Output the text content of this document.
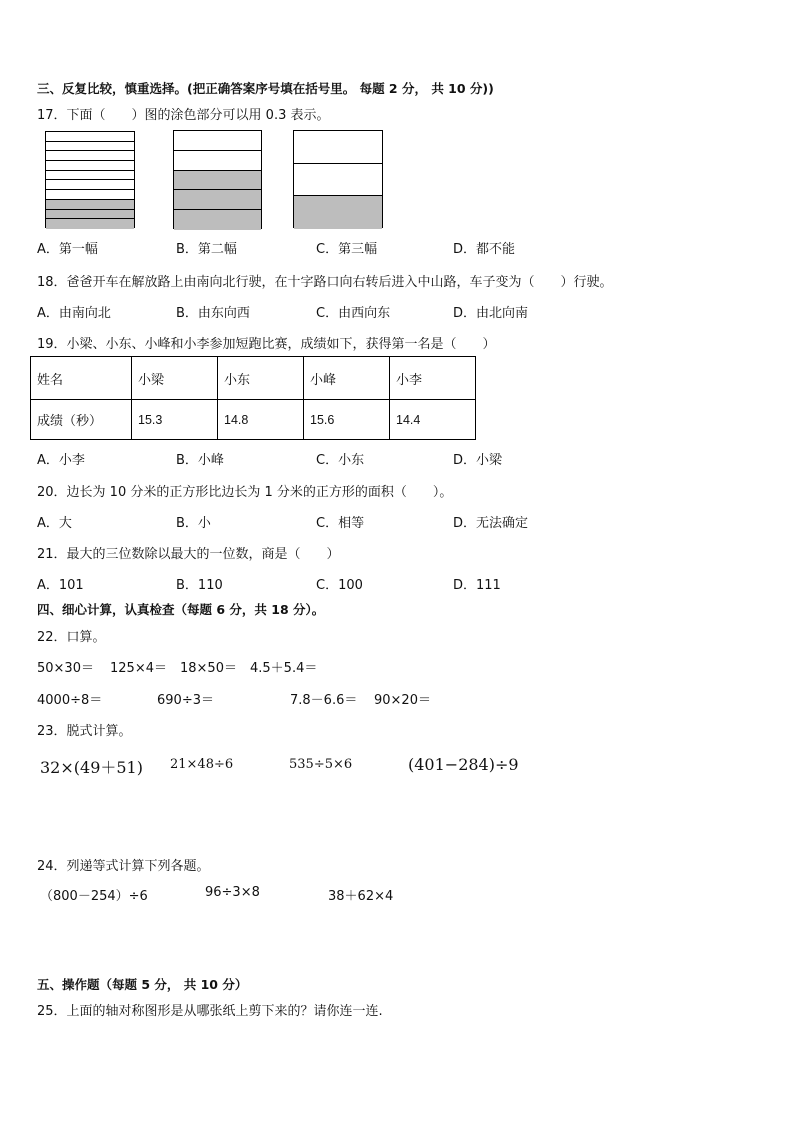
三、反复比较，慎重选择。(把正确答案序号填在括号里。 每题 2 分， 共 10 分))
17．下面（　　）图的涂色部分可以用 0.3 表示。
A．第一幅	B．第二幅	C．第三幅	D．都不能
18．爸爸开车在解放路上由南向北行驶，在十字路口向右转后进入中山路，车子变为（　　）行驶。
A．由南向北	B．由东向西	C．由西向东	D．由北向南
19．小梁、小东、小峰和小李参加短跑比赛，成绩如下，获得第一名是（　　）
姓名	小梁	小东	小峰	小李
成绩（秒）	15.3	14.8	15.6	14.4
A．小李	B．小峰	C．小东	D．小梁
20．边长为 10 分米的正方形比边长为 1 分米的正方形的面积（　　）。
A．大	B．小	C．相等	D．无法确定
21．最大的三位数除以最大的一位数，商是（　　）
A．101	B．110	C．100	D．111
四、细心计算，认真检查（每题 6 分，共 18 分）。
22．口算。
50×30＝ 125×4＝ 18×50＝ 4.5＋5.4＝
4000÷8＝	690÷3＝	7.8－6.6＝ 90×20＝
23．脱式计算。
32×(49＋51) 21×48÷6	535÷5×6	(401−284)÷9
24．列递等式计算下列各题。
（800－254）÷6	96÷3×8	38＋62×4
五、操作题（每题 5 分， 共 10 分）
25．上面的轴对称图形是从哪张纸上剪下来的？请你连一连.
